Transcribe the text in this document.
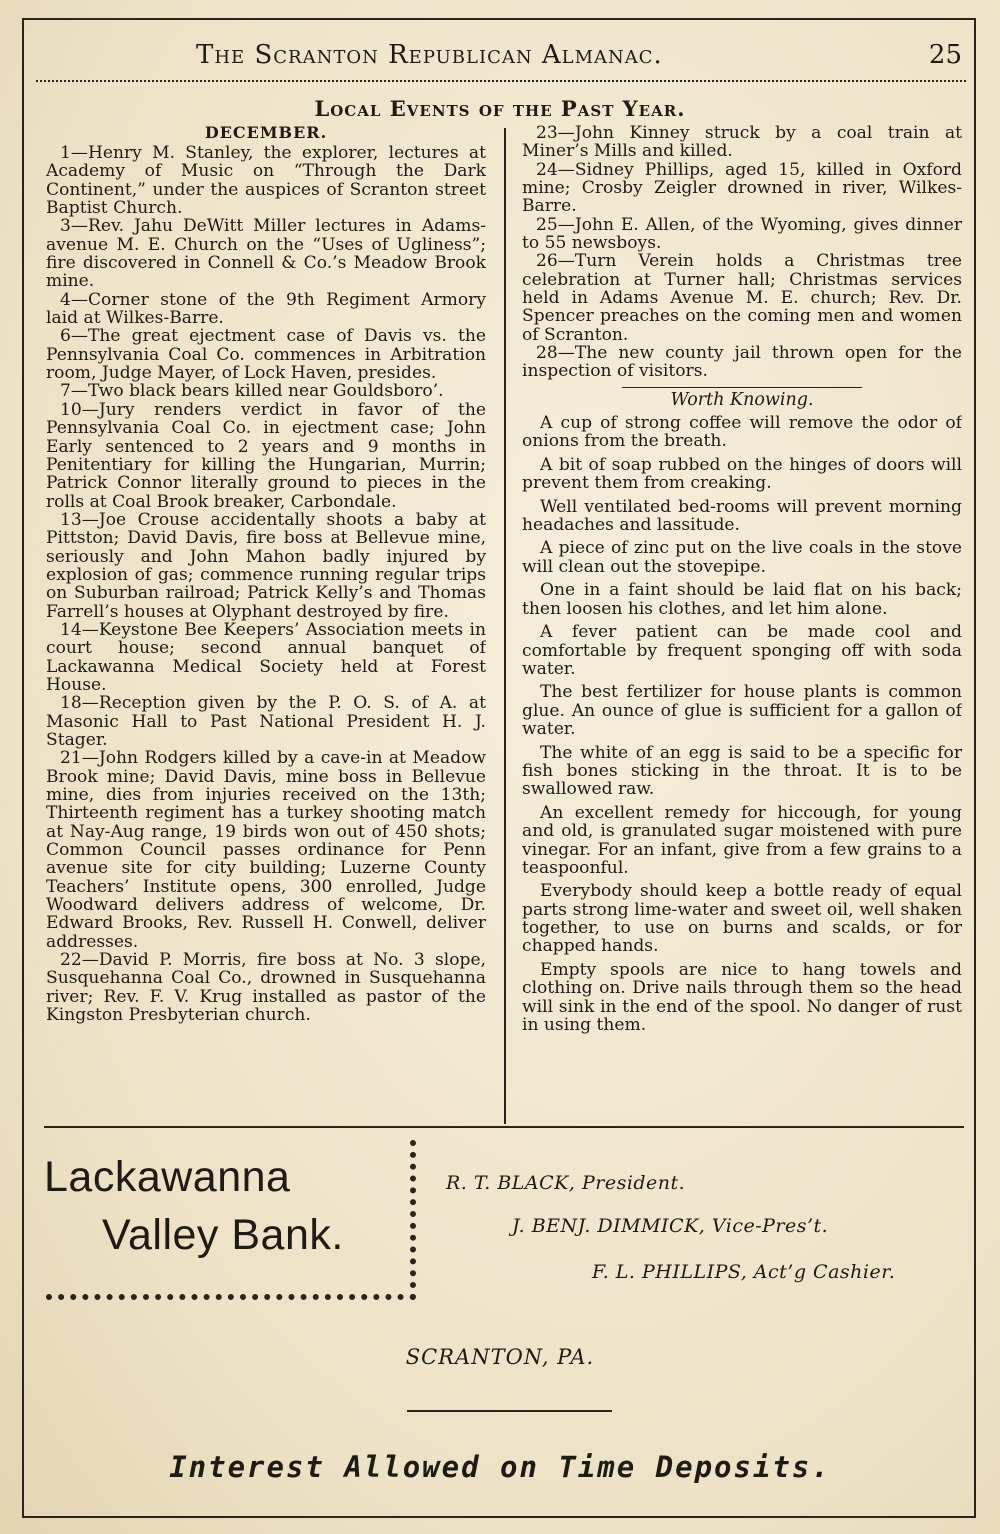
The Scranton Republican Almanac.	25
Local Events of the Past Year.
DECEMBER.

1—Henry M. Stanley, the explorer, lectures at Academy of Music on “Through the Dark Continent,” under the auspices of Scranton street Baptist Church.

3—Rev. Jahu DeWitt Miller lectures in Adams-avenue M. E. Church on the “Uses of Ugliness”; fire discovered in Connell & Co.’s Meadow Brook mine.

4—Corner stone of the 9th Regiment Armory laid at Wilkes-Barre.

6—The great ejectment case of Davis vs. the Pennsylvania Coal Co. commences in Arbitration room, Judge Mayer, of Lock Haven, presides.

7—Two black bears killed near Gouldsboro’.

10—Jury renders verdict in favor of the Pennsylvania Coal Co. in ejectment case; John Early sentenced to 2 years and 9 months in Penitentiary for killing the Hungarian, Murrin; Patrick Connor literally ground to pieces in the rolls at Coal Brook breaker, Carbondale.

13—Joe Crouse accidentally shoots a baby at Pittston; David Davis, fire boss at Bellevue mine, seriously and John Mahon badly injured by explosion of gas; commence running regular trips on Suburban railroad; Patrick Kelly’s and Thomas Farrell’s houses at Olyphant destroyed by fire.

14—Keystone Bee Keepers’ Association meets in court house; second annual banquet of Lackawanna Medical Society held at Forest House.

18—Reception given by the P. O. S. of A. at Masonic Hall to Past National President H. J. Stager.

21—John Rodgers killed by a cave-in at Meadow Brook mine; David Davis, mine boss in Bellevue mine, dies from injuries received on the 13th; Thirteenth regiment has a turkey shooting match at Nay-Aug range, 19 birds won out of 450 shots; Common Council passes ordinance for Penn avenue site for city building; Luzerne County Teachers’ Institute opens, 300 enrolled, Judge Woodward delivers address of welcome, Dr. Edward Brooks, Rev. Russell H. Conwell, deliver addresses.

22—David P. Morris, fire boss at No. 3 slope, Susquehanna Coal Co., drowned in Susquehanna river; Rev. F. V. Krug installed as pastor of the Kingston Presbyterian church.

23—John Kinney struck by a coal train at Miner’s Mills and killed.

24—Sidney Phillips, aged 15, killed in Oxford mine; Crosby Zeigler drowned in river, Wilkes-Barre.

25—John E. Allen, of the Wyoming, gives dinner to 55 newsboys.

26—Turn Verein holds a Christmas tree celebration at Turner hall; Christmas services held in Adams Avenue M. E. church; Rev. Dr. Spencer preaches on the coming men and women of Scranton.

28—The new county jail thrown open for the inspection of visitors.

Worth Knowing.

A cup of strong coffee will remove the odor of onions from the breath.

A bit of soap rubbed on the hinges of doors will prevent them from creaking.

Well ventilated bed-rooms will prevent morning headaches and lassitude.

A piece of zinc put on the live coals in the stove will clean out the stovepipe.

One in a faint should be laid flat on his back; then loosen his clothes, and let him alone.

A fever patient can be made cool and comfortable by frequent sponging off with soda water.

The best fertilizer for house plants is common glue. An ounce of glue is sufficient for a gallon of water.

The white of an egg is said to be a specific for fish bones sticking in the throat. It is to be swallowed raw.

An excellent remedy for hiccough, for young and old, is granulated sugar moistened with pure vinegar. For an infant, give from a few grains to a teaspoonful.

Everybody should keep a bottle ready of equal parts strong lime-water and sweet oil, well shaken together, to use on burns and scalds, or for chapped hands.

Empty spools are nice to hang towels and clothing on. Drive nails through them so the head will sink in the end of the spool. No danger of rust in using them.

Lackawanna
Valley Bank.
R. T. BLACK, President.
J. BENJ. DIMMICK, Vice-Pres’t.
F. L. PHILLIPS, Act’g Cashier.
SCRANTON, PA.
Interest Allowed on Time Deposits.
